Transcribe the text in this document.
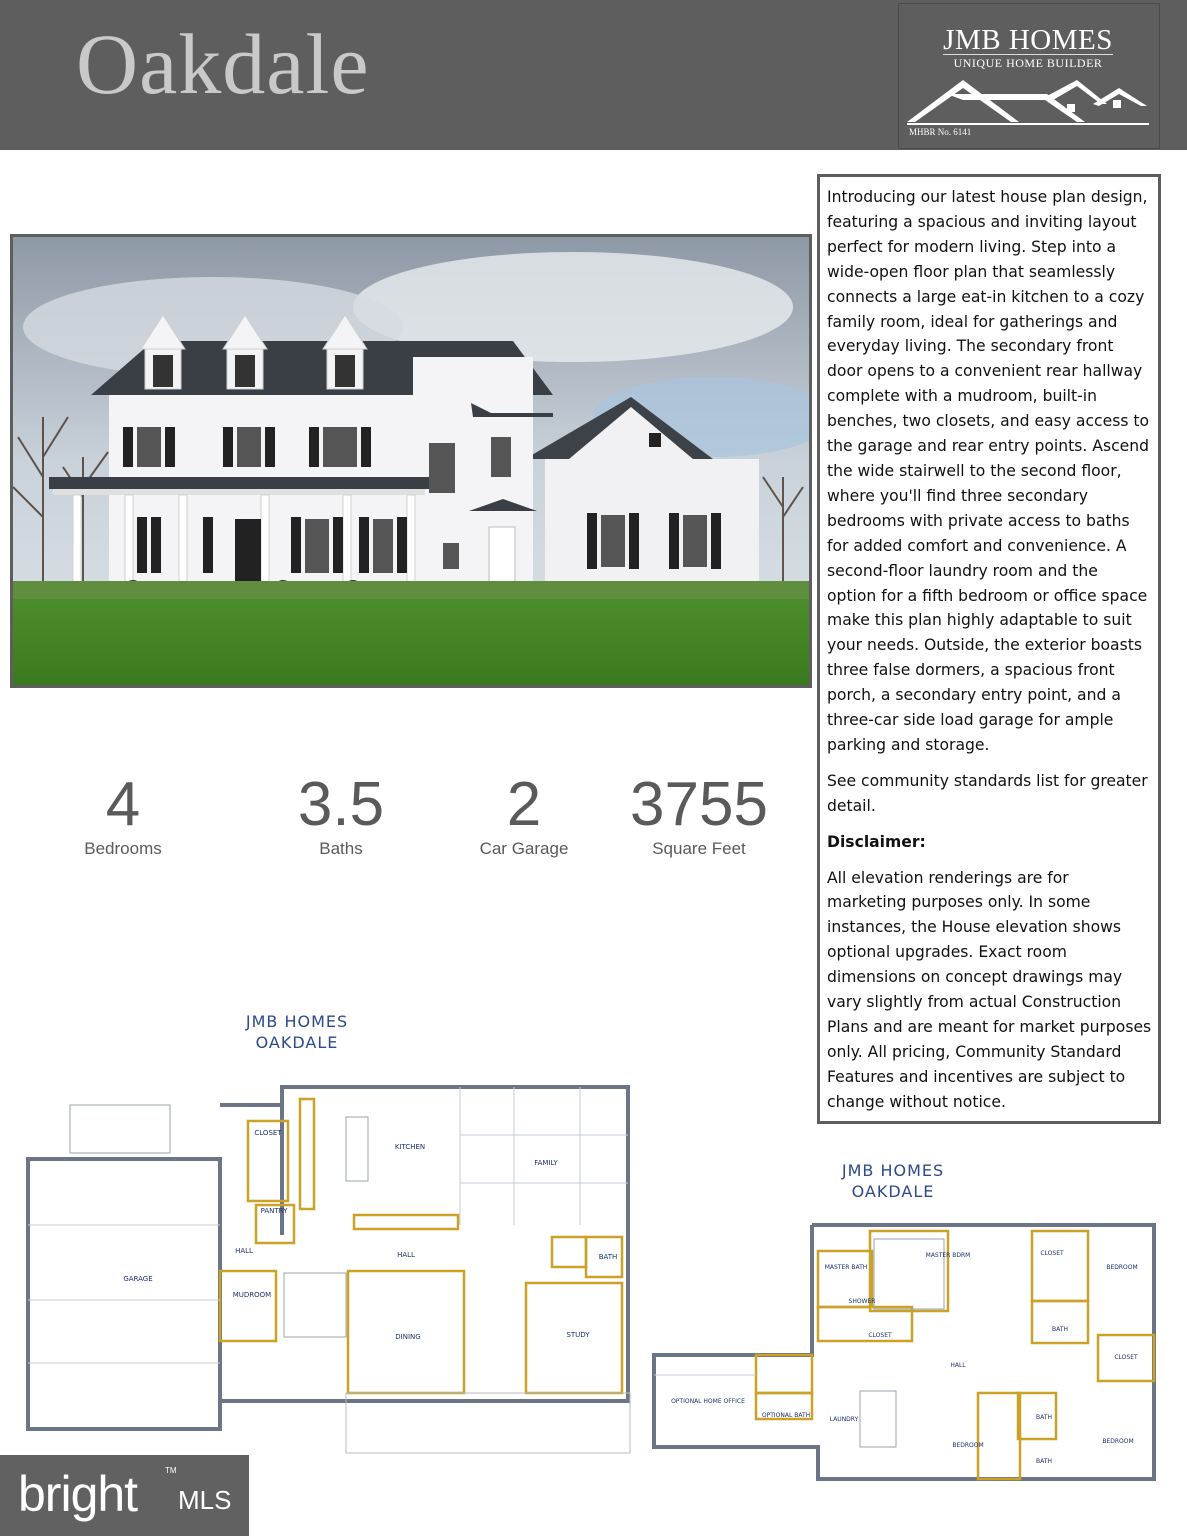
Oakdale	JMB HOMES
UNIQUE HOME BUILDER
MHBR No. 6141
4
Bedrooms
3.5
Baths
2
Car Garage
3755
Square Feet

Introducing our latest house plan design, featuring a spacious and inviting layout perfect for modern living. Step into a wide-open floor plan that seamlessly connects a large eat-in kitchen to a cozy family room, ideal for gatherings and everyday living. The secondary front door opens to a convenient rear hallway complete with a mudroom, built-in benches, two closets, and easy access to the garage and rear entry points. Ascend the wide stairwell to the second floor, where you'll find three secondary bedrooms with private access to baths for added comfort and convenience. A second-floor laundry room and the option for a fifth bedroom or office space make this plan highly adaptable to suit your needs. Outside, the exterior boasts three false dormers, a spacious front porch, a secondary entry point, and a three-car side load garage for ample parking and storage.

See community standards list for greater detail.

Disclaimer:

All elevation renderings are for marketing purposes only. In some instances, the House elevation shows optional upgrades. Exact room dimensions on concept drawings may vary slightly from actual Construction Plans and are meant for market purposes only. All pricing, Community Standard Features and incentives are subject to change without notice.

JMB HOMES
OAKDALE
CLOSET
KITCHEN
FAMILY
PANTRY
HALL	HALL
GARAGE
MUDROOM
DINING	STUDY
BATH
JMB HOMES
OAKDALE
MASTER BDRM
MASTER BATH
SHOWER
CLOSET
CLOSET
BEDROOM
BATH
CLOSET
HALL
LAUNDRY
OPTIONAL HOME OFFICE
OPTIONAL BATH
BEDROOM
BEDROOM
BATH
BATH
bright	TM
MLS
